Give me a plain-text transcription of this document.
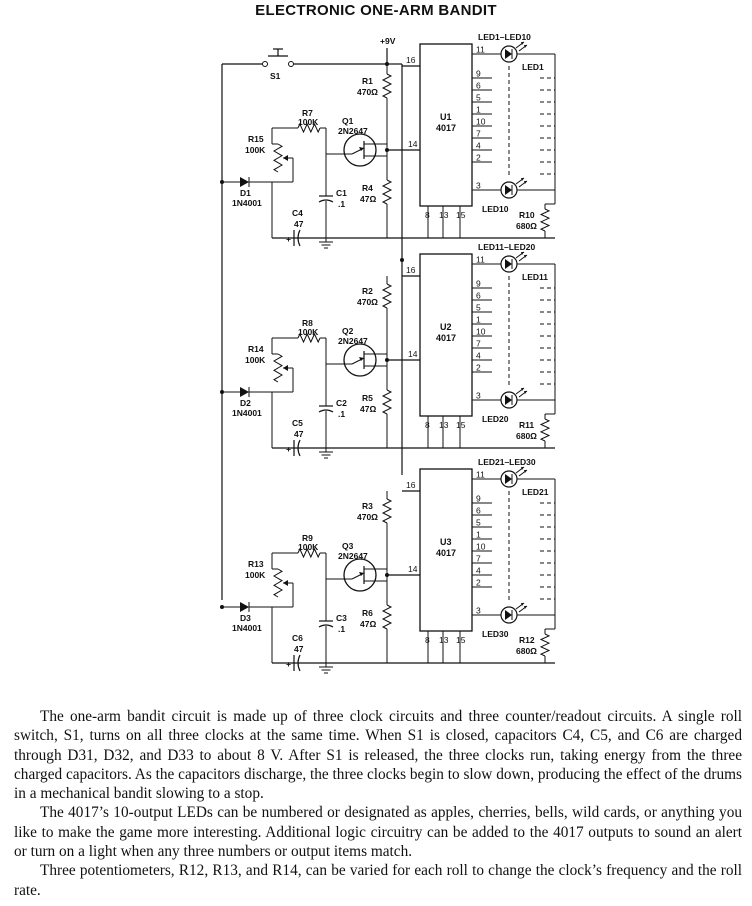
ELECTRONIC ONE-ARM BANDIT
+9V
S1
U1
4017
16
8 13 15
11
9
6
5
1
10
7
4
2
3
LED1–LED10
LED1
LED10
R10
680Ω
R1
470Ω
R4
47Ω
14
Q1
2N2647
R7
100K
R15
100K
D1
1N4001
C1
.1
+
C4
47
U2
4017
16
8 13 15
11
9
6
5
1
10
7
4
2
3
LED11–LED20
LED11
LED20
R11
680Ω
R2
470Ω
R5
47Ω
14
Q2
2N2647
R8
100K
R14
100K
D2
1N4001
C2
.1
+
C5
47
U3
4017
16
8 13 15
11
9
6
5
1
10
7
4
2
3
LED21–LED30
LED21
LED30
R12
680Ω
R3
470Ω
R6
47Ω
14
Q3
2N2647
R9
100K
R13
100K
D3
1N4001
C3
.1
+
C6
47

The one-arm bandit circuit is made up of three clock circuits and three counter/readout circuits. A single roll switch, S1, turns on all three clocks at the same time. When S1 is closed, capacitors C4, C5, and C6 are charged through D31, D32, and D33 to about 8 V. After S1 is released, the three clocks run, taking energy from the three charged capacitors. As the capacitors discharge, the three clocks begin to slow down, producing the effect of the drums in a mechanical bandit slowing to a stop.

The 4017’s 10-output LEDs can be numbered or designated as apples, cherries, bells, wild cards, or anything you like to make the game more interesting. Additional logic circuitry can be added to the 4017 outputs to sound an alert or turn on a light when any three numbers or output items match.

Three potentiometers, R12, R13, and R14, can be varied for each roll to change the clock’s frequency and the roll rate.
